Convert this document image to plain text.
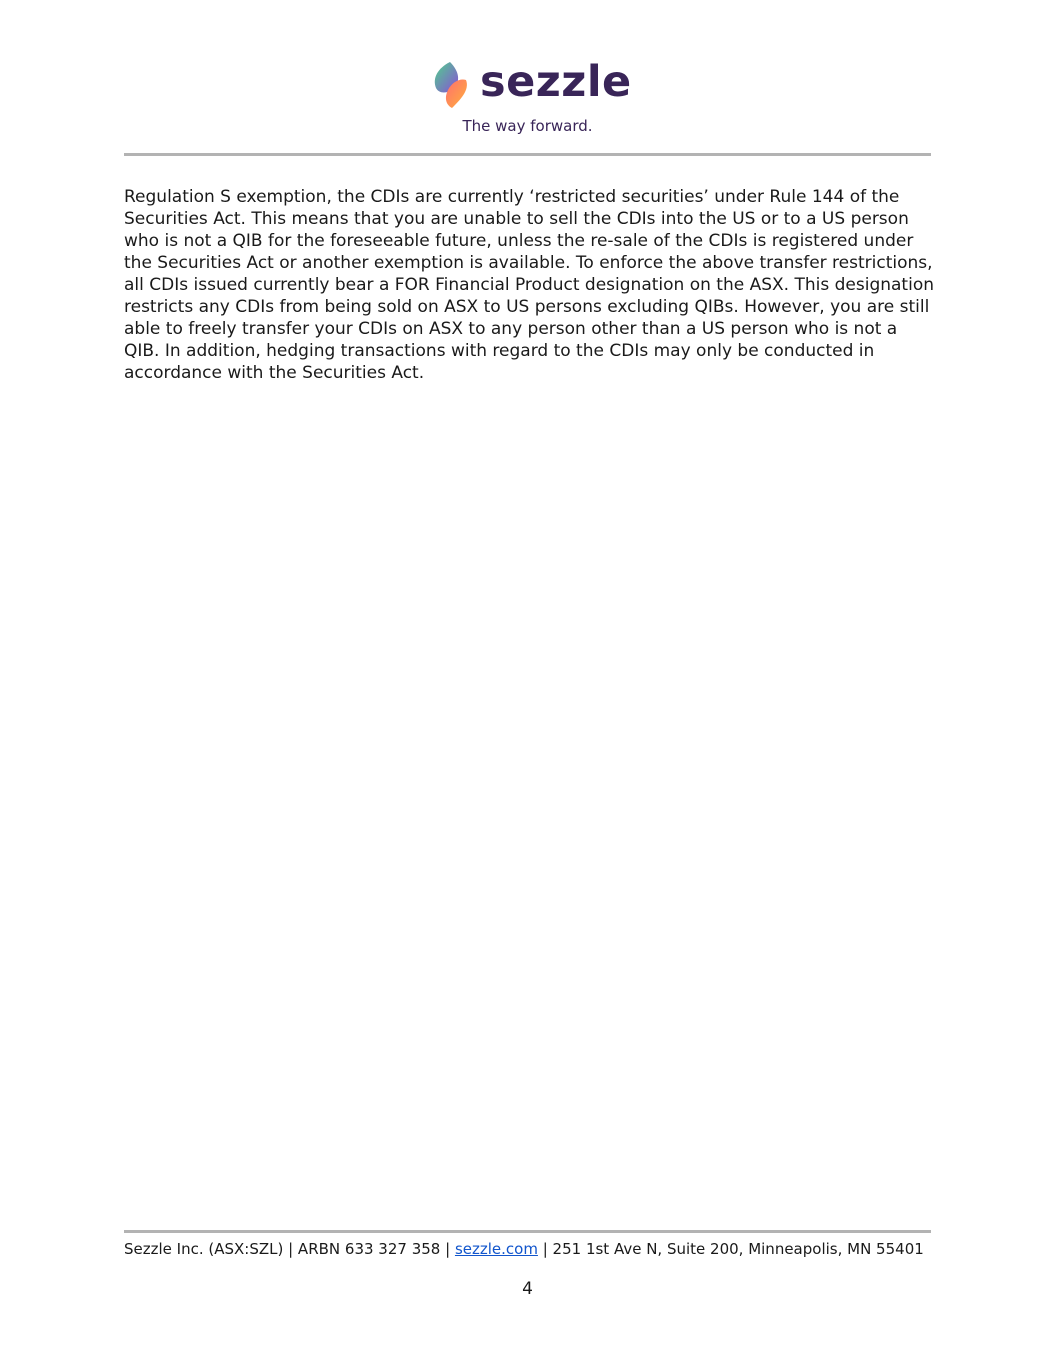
sezzle
The way forward.

Regulation S exemption, the CDIs are currently ‘restricted securities’ under Rule 144 of the Securities Act. This means that you are unable to sell the CDIs into the US or to a US person who is not a QIB for the foreseeable future, unless the re-sale of the CDIs is registered under the Securities Act or another exemption is available. To enforce the above transfer restrictions, all CDIs issued currently bear a FOR Financial Product designation on the ASX. This designation restricts any CDIs from being sold on ASX to US persons excluding QIBs. However, you are still able to freely transfer your CDIs on ASX to any person other than a US person who is not a QIB. In addition, hedging transactions with regard to the CDIs may only be conducted in accordance with the Securities Act.

Sezzle Inc. (ASX:SZL) | ARBN 633 327 358 | sezzle.com | 251 1st Ave N, Suite 200, Minneapolis, MN 55401
4
